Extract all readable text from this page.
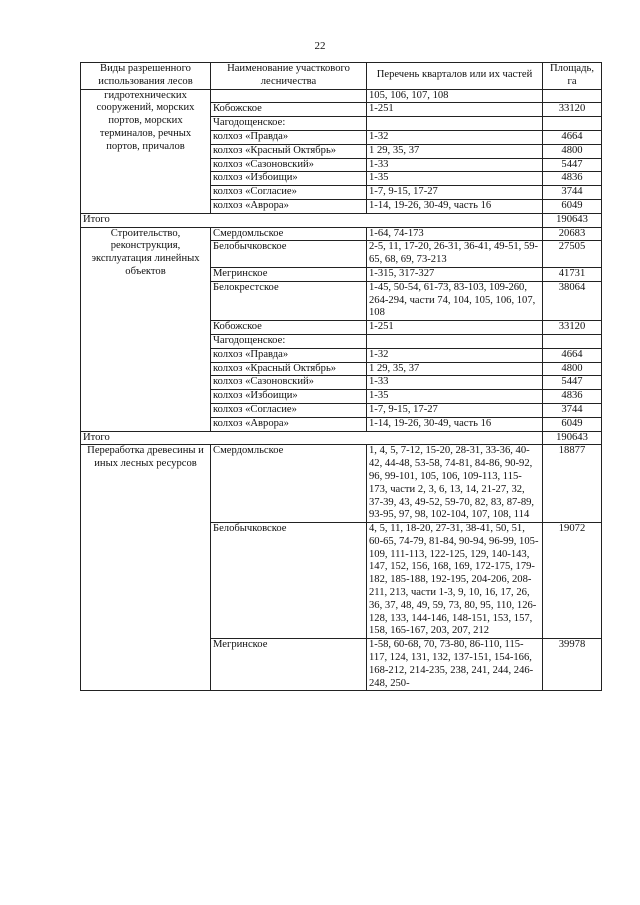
22
Виды разрешенного использования лесов	Наименование участкового лесничества	Перечень кварталов или их частей	Площадь, га
гидротехнических сооружений, морских портов, морских терминалов, речных портов, причалов		105, 106, 107, 108	
	Кобожское	1-251	33120
	Чагодощенское:		
	колхоз «Правда»	1-32	4664
	колхоз «Красный Октябрь»	1 29, 35, 37	4800
	колхоз «Сазоновский»	1-33	5447
	колхоз «Избоищи»	1-35	4836
	колхоз «Согласие»	1-7, 9-15, 17-27	3744
	колхоз «Аврора»	1-14, 19-26, 30-49, часть 16	6049
Итого			190643
Строительство, реконструкция, эксплуатация линейных объектов	Смердомльское	1-64, 74-173	20683
	Белобычковское	2-5, 11, 17-20, 26-31, 36-41, 49-51, 59-65, 68, 69, 73-213	27505
	Мегринское	1-315, 317-327	41731
	Белокрестское	1-45, 50-54, 61-73, 83-103, 109-260, 264-294, части 74, 104, 105, 106, 107, 108	38064
	Кобожское	1-251	33120
	Чагодощенское:		
	колхоз «Правда»	1-32	4664
	колхоз «Красный Октябрь»	1 29, 35, 37	4800
	колхоз «Сазоновский»	1-33	5447
	колхоз «Избоищи»	1-35	4836
	колхоз «Согласие»	1-7, 9-15, 17-27	3744
	колхоз «Аврора»	1-14, 19-26, 30-49, часть 16	6049
Итого			190643
Переработка древесины и иных лесных ресурсов	Смердомльское	1, 4, 5, 7-12, 15-20, 28-31, 33-36, 40-42, 44-48, 53-58, 74-81, 84-86, 90-92, 96, 99-101, 105, 106, 109-113, 115-173, части 2, 3, 6, 13, 14, 21-27, 32, 37-39, 43, 49-52, 59-70, 82, 83, 87-89, 93-95, 97, 98, 102-104, 107, 108, 114	18877
	Белобычковское	4, 5, 11, 18-20, 27-31, 38-41, 50, 51, 60-65, 74-79, 81-84, 90-94, 96-99, 105-109, 111-113, 122-125, 129, 140-143, 147, 152, 156, 168, 169, 172-175, 179-182, 185-188, 192-195, 204-206, 208-211, 213, части 1-3, 9, 10, 16, 17, 26, 36, 37, 48, 49, 59, 73, 80, 95, 110, 126-128, 133, 144-146, 148-151, 153, 157, 158, 165-167, 203, 207, 212	19072
	Мегринское	1-58, 60-68, 70, 73-80, 86-110, 115-117, 124, 131, 132, 137-151, 154-166, 168-212, 214-235, 238, 241, 244, 246-248, 250-	39978
